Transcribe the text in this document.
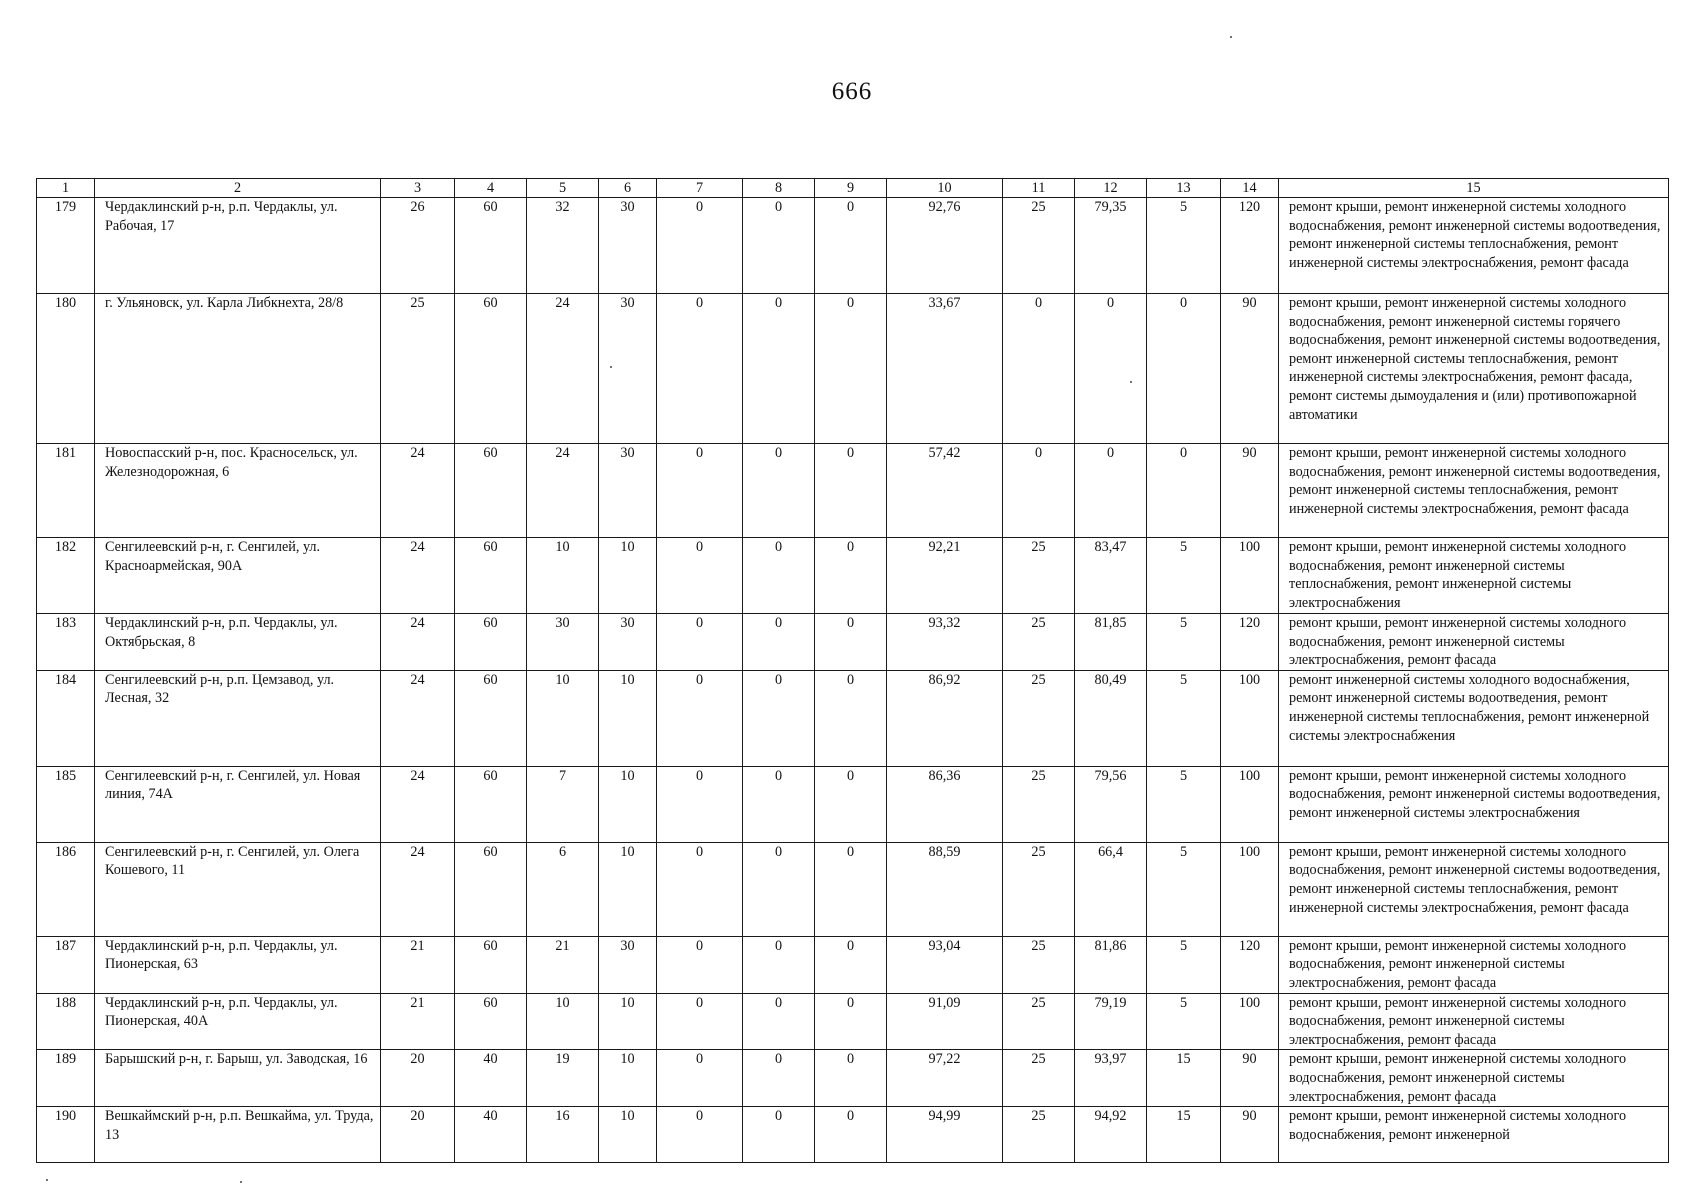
666
1	2	3	4	5	6	7	8	9	10	11	12	13	14	15
179	Чердаклинский р-н, р.п. Чердаклы, ул. Рабочая, 17	26	60	32	30	0	0	0	92,76	25	79,35	5	120	ремонт крыши, ремонт инженерной системы холодного водоснабжения, ремонт инженерной системы водоотведения, ремонт инженерной системы теплоснабжения, ремонт инженерной системы электроснабжения, ремонт фасада
180	г. Ульяновск, ул. Карла Либкнехта, 28/8	25	60	24	30	0	0	0	33,67	0	0	0	90	ремонт крыши, ремонт инженерной системы холодного водоснабжения, ремонт инженерной системы горячего водоснабжения, ремонт инженерной системы водоотведения, ремонт инженерной системы теплоснабжения, ремонт инженерной системы электроснабжения, ремонт фасада, ремонт системы дымоудаления и (или) противопожарной автоматики
181	Новоспасский р-н, пос. Красносельск, ул. Железнодорожная, 6	24	60	24	30	0	0	0	57,42	0	0	0	90	ремонт крыши, ремонт инженерной системы холодного водоснабжения, ремонт инженерной системы водоотведения, ремонт инженерной системы теплоснабжения, ремонт инженерной системы электроснабжения, ремонт фасада
182	Сенгилеевский р-н, г. Сенгилей, ул. Красноармейская, 90А	24	60	10	10	0	0	0	92,21	25	83,47	5	100	ремонт крыши, ремонт инженерной системы холодного водоснабжения, ремонт инженерной системы теплоснабжения, ремонт инженерной системы электроснабжения
183	Чердаклинский р-н, р.п. Чердаклы, ул. Октябрьская, 8	24	60	30	30	0	0	0	93,32	25	81,85	5	120	ремонт крыши, ремонт инженерной системы холодного водоснабжения, ремонт инженерной системы электроснабжения, ремонт фасада
184	Сенгилеевский р-н, р.п. Цемзавод, ул. Лесная, 32	24	60	10	10	0	0	0	86,92	25	80,49	5	100	ремонт инженерной системы холодного водоснабжения, ремонт инженерной системы водоотведения, ремонт инженерной системы теплоснабжения, ремонт инженерной системы электроснабжения
185	Сенгилеевский р-н, г. Сенгилей, ул. Новая линия, 74А	24	60	7	10	0	0	0	86,36	25	79,56	5	100	ремонт крыши, ремонт инженерной системы холодного водоснабжения, ремонт инженерной системы водоотведения, ремонт инженерной системы электроснабжения
186	Сенгилеевский р-н, г. Сенгилей, ул. Олега Кошевого, 11	24	60	6	10	0	0	0	88,59	25	66,4	5	100	ремонт крыши, ремонт инженерной системы холодного водоснабжения, ремонт инженерной системы водоотведения, ремонт инженерной системы теплоснабжения, ремонт инженерной системы электроснабжения, ремонт фасада
187	Чердаклинский р-н, р.п. Чердаклы, ул. Пионерская, 63	21	60	21	30	0	0	0	93,04	25	81,86	5	120	ремонт крыши, ремонт инженерной системы холодного водоснабжения, ремонт инженерной системы электроснабжения, ремонт фасада
188	Чердаклинский р-н, р.п. Чердаклы, ул. Пионерская, 40А	21	60	10	10	0	0	0	91,09	25	79,19	5	100	ремонт крыши, ремонт инженерной системы холодного водоснабжения, ремонт инженерной системы электроснабжения, ремонт фасада
189	Барышский р-н, г. Барыш, ул. Заводская, 16	20	40	19	10	0	0	0	97,22	25	93,97	15	90	ремонт крыши, ремонт инженерной системы холодного водоснабжения, ремонт инженерной системы электроснабжения, ремонт фасада
190	Вешкаймский р-н, р.п. Вешкайма, ул. Труда, 13	20	40	16	10	0	0	0	94,99	25	94,92	15	90	ремонт крыши, ремонт инженерной системы холодного водоснабжения, ремонт инженерной
